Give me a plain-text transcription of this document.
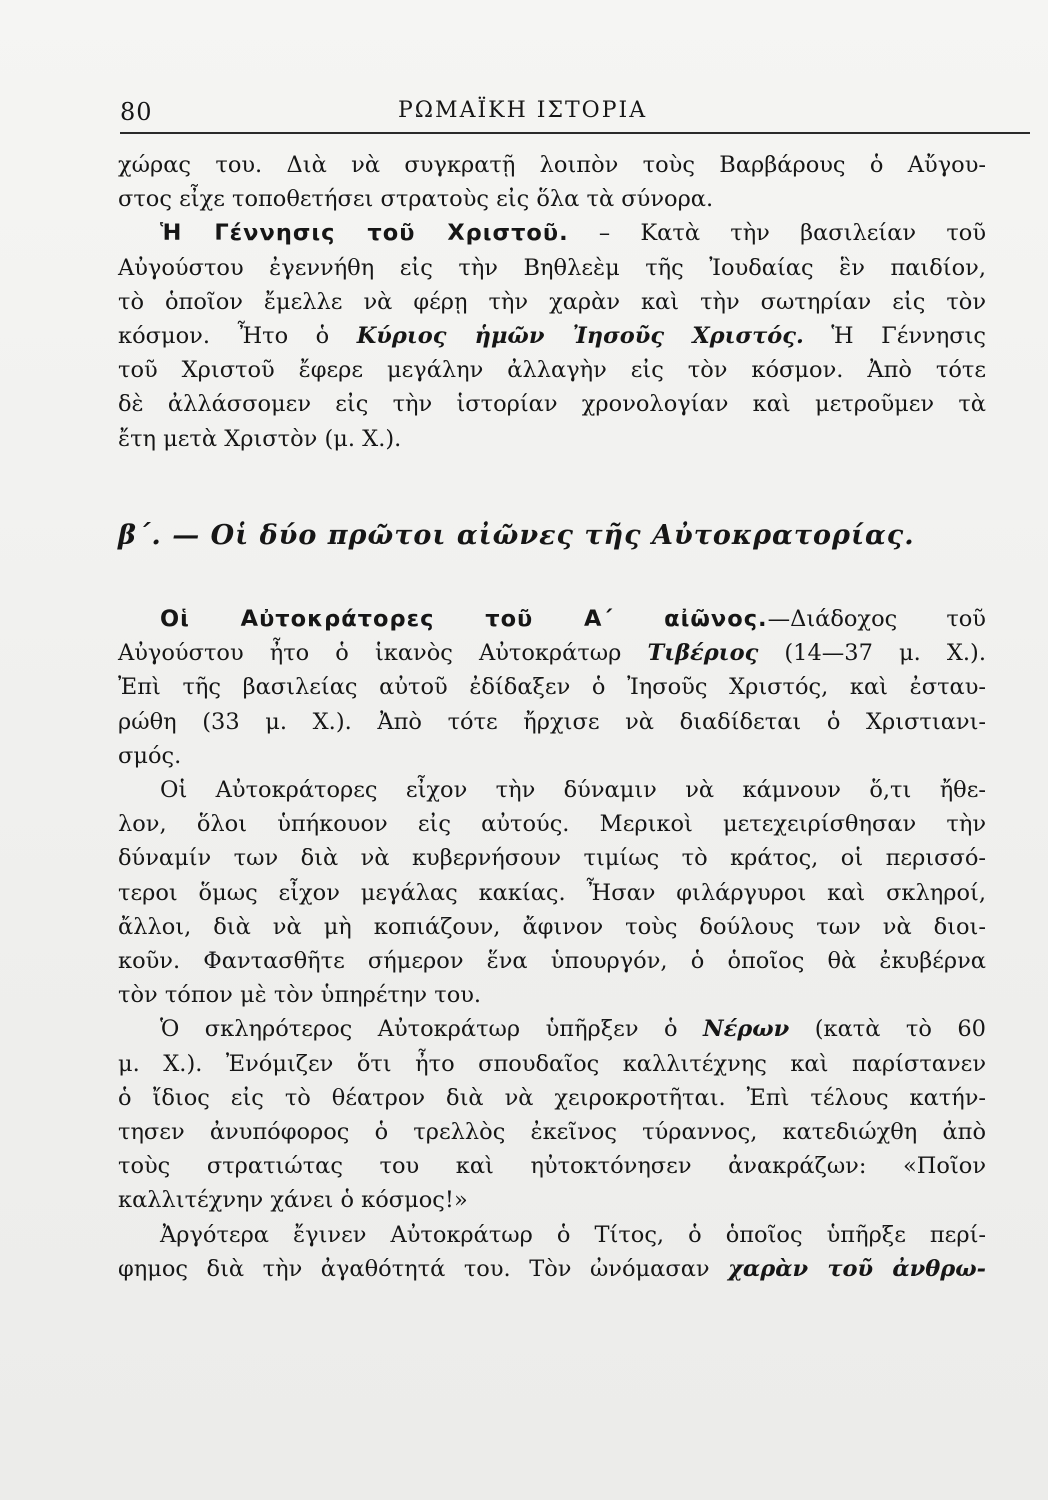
80	ΡΩΜΑΪΚΗ ΙΣΤΟΡΙΑ

χώρας του. Διὰ νὰ συγκρατῇ λοιπὸν τοὺς Βαρβάρους ὁ Αὔγου-

στος εἶχε τοποθετήσει στρατοὺς εἰς ὅλα τὰ σύνορα.

Ἡ Γέννησις τοῦ Χριστοῦ. – Κατὰ τὴν βασιλείαν τοῦ

Αὐγούστου ἐγεννήθη εἰς τὴν Βηθλεὲμ τῆς Ἰουδαίας ἓν παιδίον,

τὸ ὁποῖον ἔμελλε νὰ φέρῃ τὴν χαρὰν καὶ τὴν σωτηρίαν εἰς τὸν

κόσμον. Ἦτο ὁ Κύριος ἡμῶν Ἰησοῦς Χριστός. Ἡ Γέννησις

τοῦ Χριστοῦ ἔφερε μεγάλην ἀλλαγὴν εἰς τὸν κόσμον. Ἀπὸ τότε

δὲ ἀλλάσσομεν εἰς τὴν ἱστορίαν χρονολογίαν καὶ μετροῦμεν τὰ

ἔτη μετὰ Χριστὸν (μ. Χ.).

β΄. — Οἱ δύο πρῶτοι αἰῶνες τῆς Αὐτοκρατορίας.

Οἱ Αὐτοκράτορες τοῦ Α΄ αἰῶνος.—Διάδοχος τοῦ

Αὐγούστου ἦτο ὁ ἱκανὸς Αὐτοκράτωρ Τιβέριος (14—37 μ. Χ.).

Ἐπὶ τῆς βασιλείας αὐτοῦ ἐδίδαξεν ὁ Ἰησοῦς Χριστός, καὶ ἐσταυ-

ρώθη (33 μ. Χ.). Ἀπὸ τότε ἤρχισε νὰ διαδίδεται ὁ Χριστιανι-

σμός.

Οἱ Αὐτοκράτορες εἶχον τὴν δύναμιν νὰ κάμνουν ὅ,τι ἤθε-

λον, ὅλοι ὑπήκουον εἰς αὐτούς. Μερικοὶ μετεχειρίσθησαν τὴν

δύναμίν των διὰ νὰ κυβερνήσουν τιμίως τὸ κράτος, οἱ περισσό-

τεροι ὅμως εἶχον μεγάλας κακίας. Ἦσαν φιλάργυροι καὶ σκληροί,

ἄλλοι, διὰ νὰ μὴ κοπιάζουν, ἄφινον τοὺς δούλους των νὰ διοι-

κοῦν. Φαντασθῆτε σήμερον ἕνα ὑπουργόν, ὁ ὁποῖος θὰ ἐκυβέρνα

τὸν τόπον μὲ τὸν ὑπηρέτην του.

Ὁ σκληρότερος Αὐτοκράτωρ ὑπῆρξεν ὁ Νέρων (κατὰ τὸ 60

μ. Χ.). Ἐνόμιζεν ὅτι ἦτο σπουδαῖος καλλιτέχνης καὶ παρίστανεν

ὁ ἴδιος εἰς τὸ θέατρον διὰ νὰ χειροκροτῆται. Ἐπὶ τέλους κατήν-

τησεν ἀνυπόφορος ὁ τρελλὸς ἐκεῖνος τύραννος, κατεδιώχθη ἀπὸ

τοὺς στρατιώτας του καὶ ηὐτοκτόνησεν ἀνακράζων: «Ποῖον

καλλιτέχνην χάνει ὁ κόσμος!»

Ἀργότερα ἔγινεν Αὐτοκράτωρ ὁ Τίτος, ὁ ὁποῖος ὑπῆρξε περί-

φημος διὰ τὴν ἀγαθότητά του. Τὸν ὠνόμασαν χαρὰν τοῦ ἀνθρω-
